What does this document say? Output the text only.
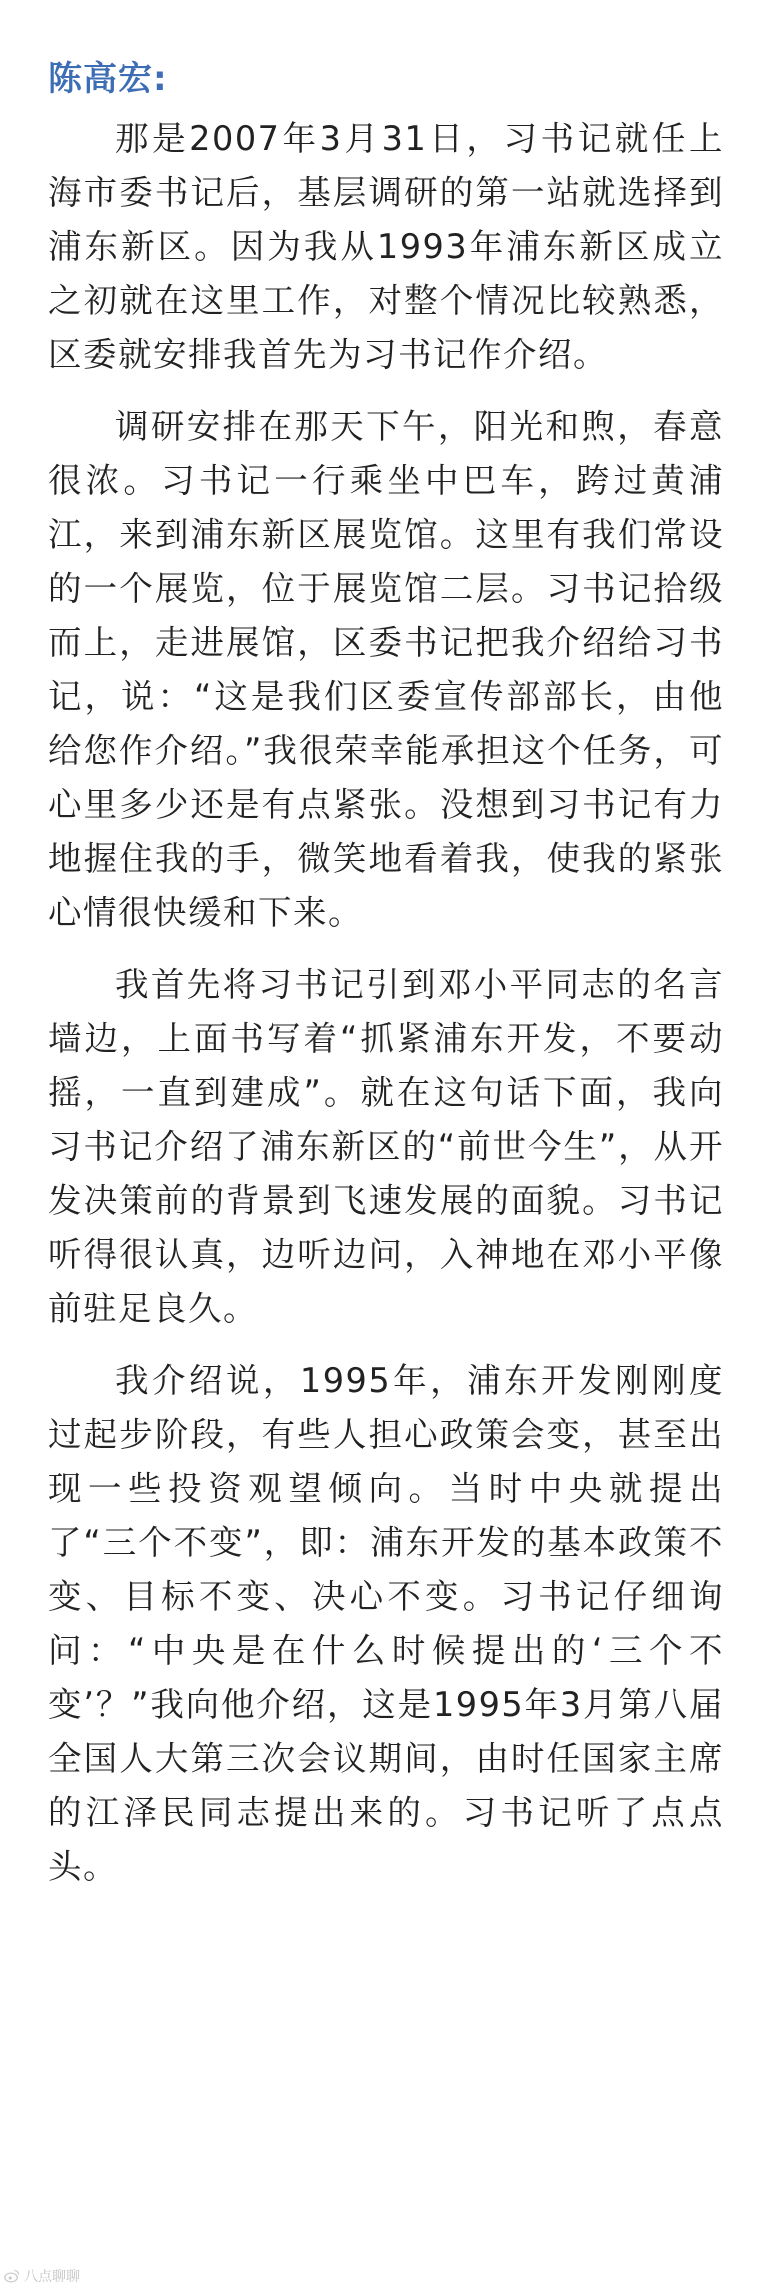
陈高宏:

那是2007年3月31日，习书记就任上海市委书记后，基层调研的第一站就选择到浦东新区。因为我从1993年浦东新区成立之初就在这里工作，对整个情况比较熟悉，区委就安排我首先为习书记作介绍。

调研安排在那天下午，阳光和煦，春意很浓。习书记一行乘坐中巴车，跨过黄浦江，来到浦东新区展览馆。这里有我们常设的一个展览，位于展览馆二层。习书记拾级而上，走进展馆，区委书记把我介绍给习书记，说：“这是我们区委宣传部部长，由他给您作介绍。”我很荣幸能承担这个任务，可心里多少还是有点紧张。没想到习书记有力地握住我的手，微笑地看着我，使我的紧张心情很快缓和下来。

我首先将习书记引到邓小平同志的名言墙边，上面书写着“抓紧浦东开发，不要动摇，一直到建成”。就在这句话下面，我向习书记介绍了浦东新区的“前世今生”，从开发决策前的背景到飞速发展的面貌。习书记听得很认真，边听边问，入神地在邓小平像前驻足良久。

我介绍说，1995年，浦东开发刚刚度过起步阶段，有些人担心政策会变，甚至出现一些投资观望倾向。当时中央就提出了“三个不变”，即：浦东开发的基本政策不变、目标不变、决心不变。习书记仔细询问：“中央是在什么时候提出的‘三个不变’？”我向他介绍，这是1995年3月第八届全国人大第三次会议期间，由时任国家主席的江泽民同志提出来的。习书记听了点点头。

八点聊聊
